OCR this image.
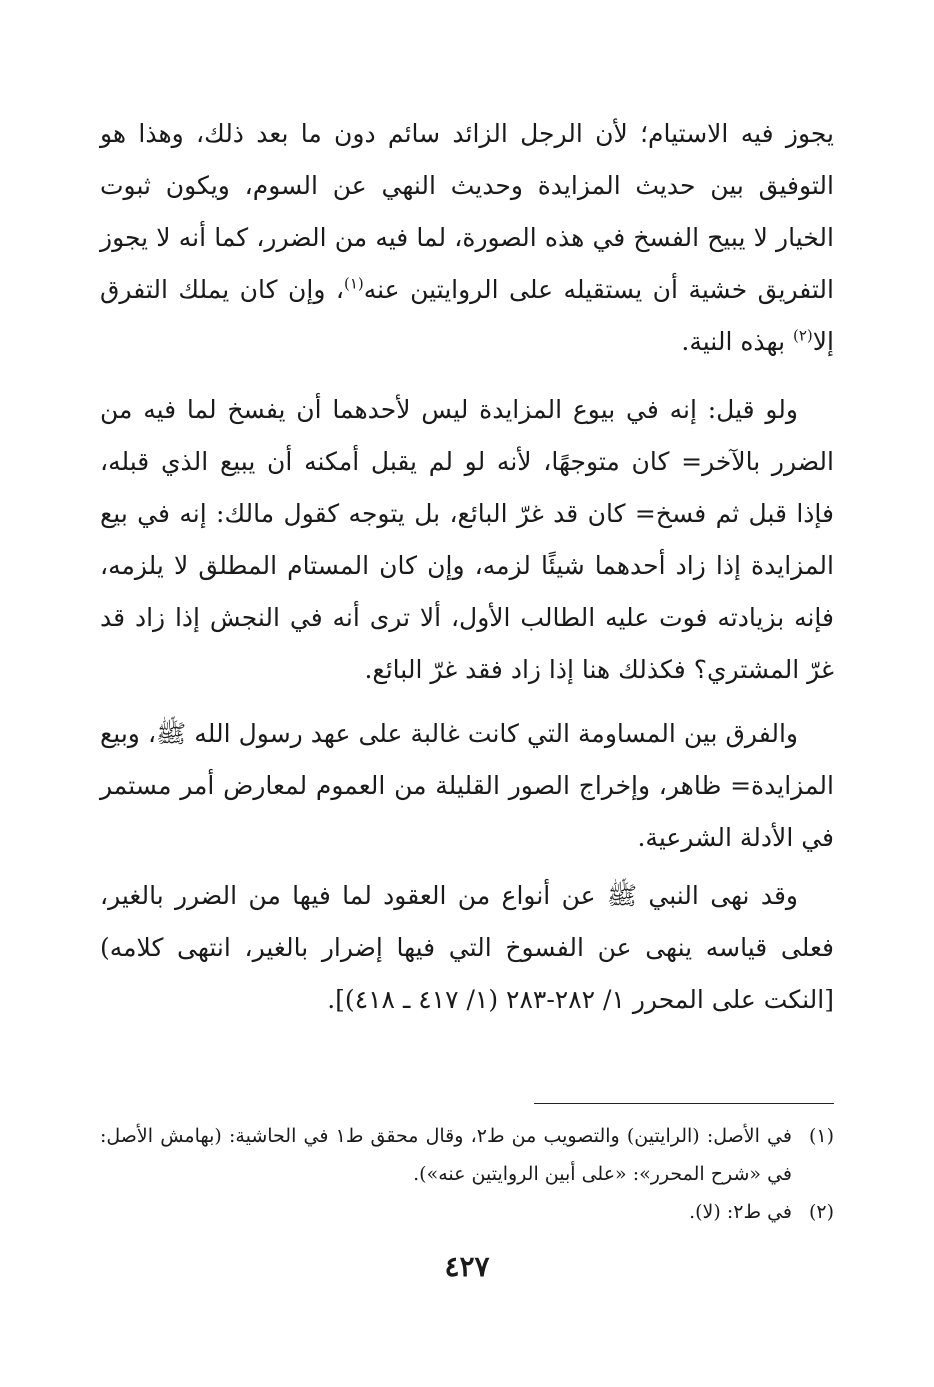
يجوز فيه الاستيام؛ لأن الرجل الزائد سائم دون ما بعد ذلك، وهذا هو التوفيق بين حديث المزايدة وحديث النهي عن السوم، ويكون ثبوت الخيار لا يبيح الفسخ في هذه الصورة، لما فيه من الضرر، كما أنه لا يجوز التفريق خشية أن يستقيله على الروايتين عنه$^{(١)}$، وإن كان يملك التفرق إلا$^{(٢)}$ بهذه النية.

ولو قيل: إنه في بيوع المزايدة ليس لأحدهما أن يفسخ لما فيه من الضرر بالآخر= كان متوجهًا، لأنه لو لم يقبل أمكنه أن يبيع الذي قبله، فإذا قبل ثم فسخ= كان قد غرّ البائع، بل يتوجه كقول مالك: إنه في بيع المزايدة إذا زاد أحدهما شيئًا لزمه، وإن كان المستام المطلق لا يلزمه، فإنه بزيادته فوت عليه الطالب الأول، ألا ترى أنه في النجش إذا زاد قد غرّ المشتري؟ فكذلك هنا إذا زاد فقد غرّ البائع.

والفرق بين المساومة التي كانت غالبة على عهد رسول الله ﷺ، وبيع المزايدة= ظاهر، وإخراج الصور القليلة من العموم لمعارض أمر مستمر في الأدلة الشرعية.

وقد نهى النبي ﷺ عن أنواع من العقود لما فيها من الضرر بالغير، فعلى قياسه ينهى عن الفسوخ التي فيها إضرار بالغير، انتهى كلامه) [النكت على المحرر ١/ ٢٨٢-٢٨٣ (١/ ٤١٧ ـ ٤١٨)].

(١)
في الأصل: (الرايتين) والتصويب من ط٢، وقال محقق ط١ في الحاشية: (بهامش الأصل: في «شرح المحرر»: «على أبين الروايتين عنه»).
(٢)
في ط٢: (لا).
٤٢٧
